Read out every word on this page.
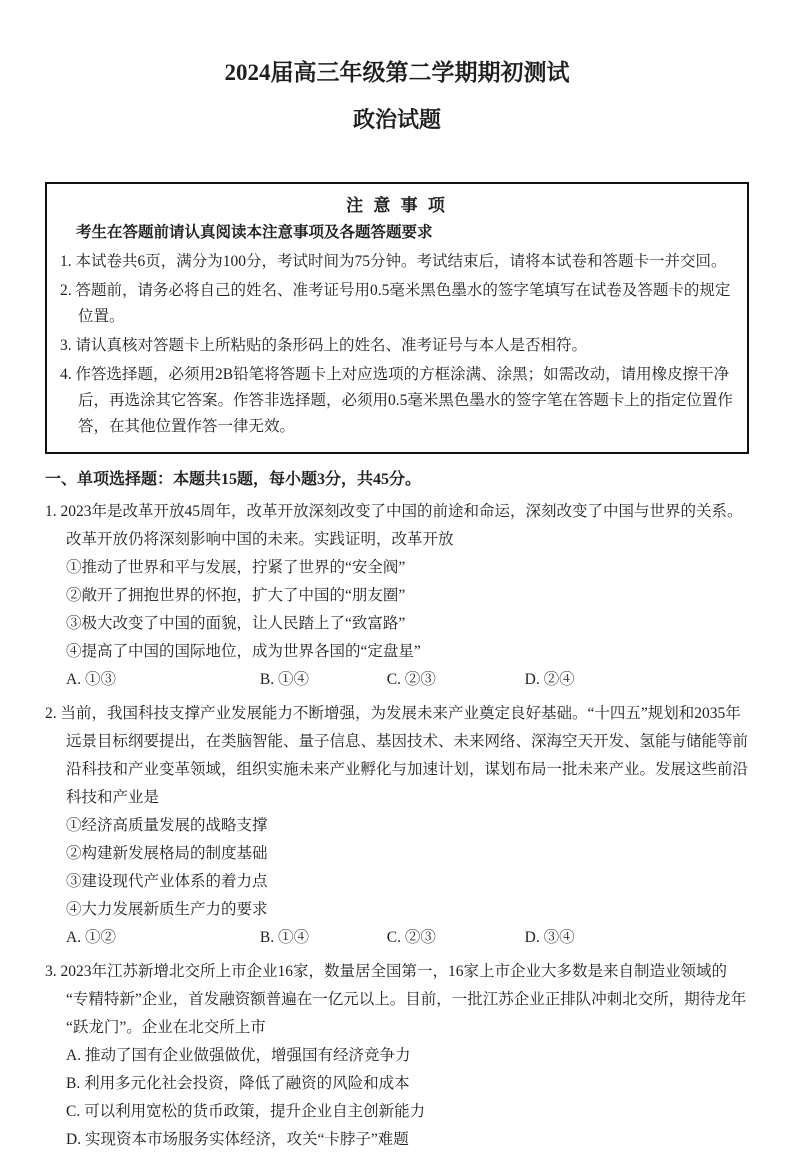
2024届高三年级第二学期期初测试
政治试题
注 意 事 项
考生在答题前请认真阅读本注意事项及各题答题要求
1. 本试卷共6页，满分为100分，考试时间为75分钟。考试结束后，请将本试卷和答题卡一并交回。
2. 答题前，请务必将自己的姓名、准考证号用0.5毫米黑色墨水的签字笔填写在试卷及答题卡的规定位置。
3. 请认真核对答题卡上所粘贴的条形码上的姓名、准考证号与本人是否相符。
4. 作答选择题，必须用2B铅笔将答题卡上对应选项的方框涂满、涂黑；如需改动，请用橡皮擦干净后，再选涂其它答案。作答非选择题，必须用0.5毫米黑色墨水的签字笔在答题卡上的指定位置作答，在其他位置作答一律无效。
一、单项选择题：本题共15题，每小题3分，共45分。
1. 2023年是改革开放45周年，改革开放深刻改变了中国的前途和命运，深刻改变了中国与世界的关系。改革开放仍将深刻影响中国的未来。实践证明，改革开放
①推动了世界和平与发展，拧紧了世界的“安全阀”
②敞开了拥抱世界的怀抱，扩大了中国的“朋友圈”
③极大改变了中国的面貌，让人民踏上了“致富路”
④提高了中国的国际地位，成为世界各国的“定盘星”
A. ①③	B. ①④	C. ②③	D. ②④
2. 当前，我国科技支撑产业发展能力不断增强，为发展未来产业奠定良好基础。“十四五”规划和2035年远景目标纲要提出，在类脑智能、量子信息、基因技术、未来网络、深海空天开发、氢能与储能等前沿科技和产业变革领域，组织实施未来产业孵化与加速计划，谋划布局一批未来产业。发展这些前沿科技和产业是
①经济高质量发展的战略支撑 ②构建新发展格局的制度基础
③建设现代产业体系的着力点 ④大力发展新质生产力的要求
A. ①②	B. ①④	C. ②③	D. ③④
3. 2023年江苏新增北交所上市企业16家，数量居全国第一，16家上市企业大多数是来自制造业领域的“专精特新”企业，首发融资额普遍在一亿元以上。目前，一批江苏企业正排队冲刺北交所，期待龙年“跃龙门”。企业在北交所上市
A. 推动了国有企业做强做优，增强国有经济竞争力
B. 利用多元化社会投资，降低了融资的风险和成本
C. 可以利用宽松的货币政策，提升企业自主创新能力
D. 实现资本市场服务实体经济，攻关“卡脖子”难题
